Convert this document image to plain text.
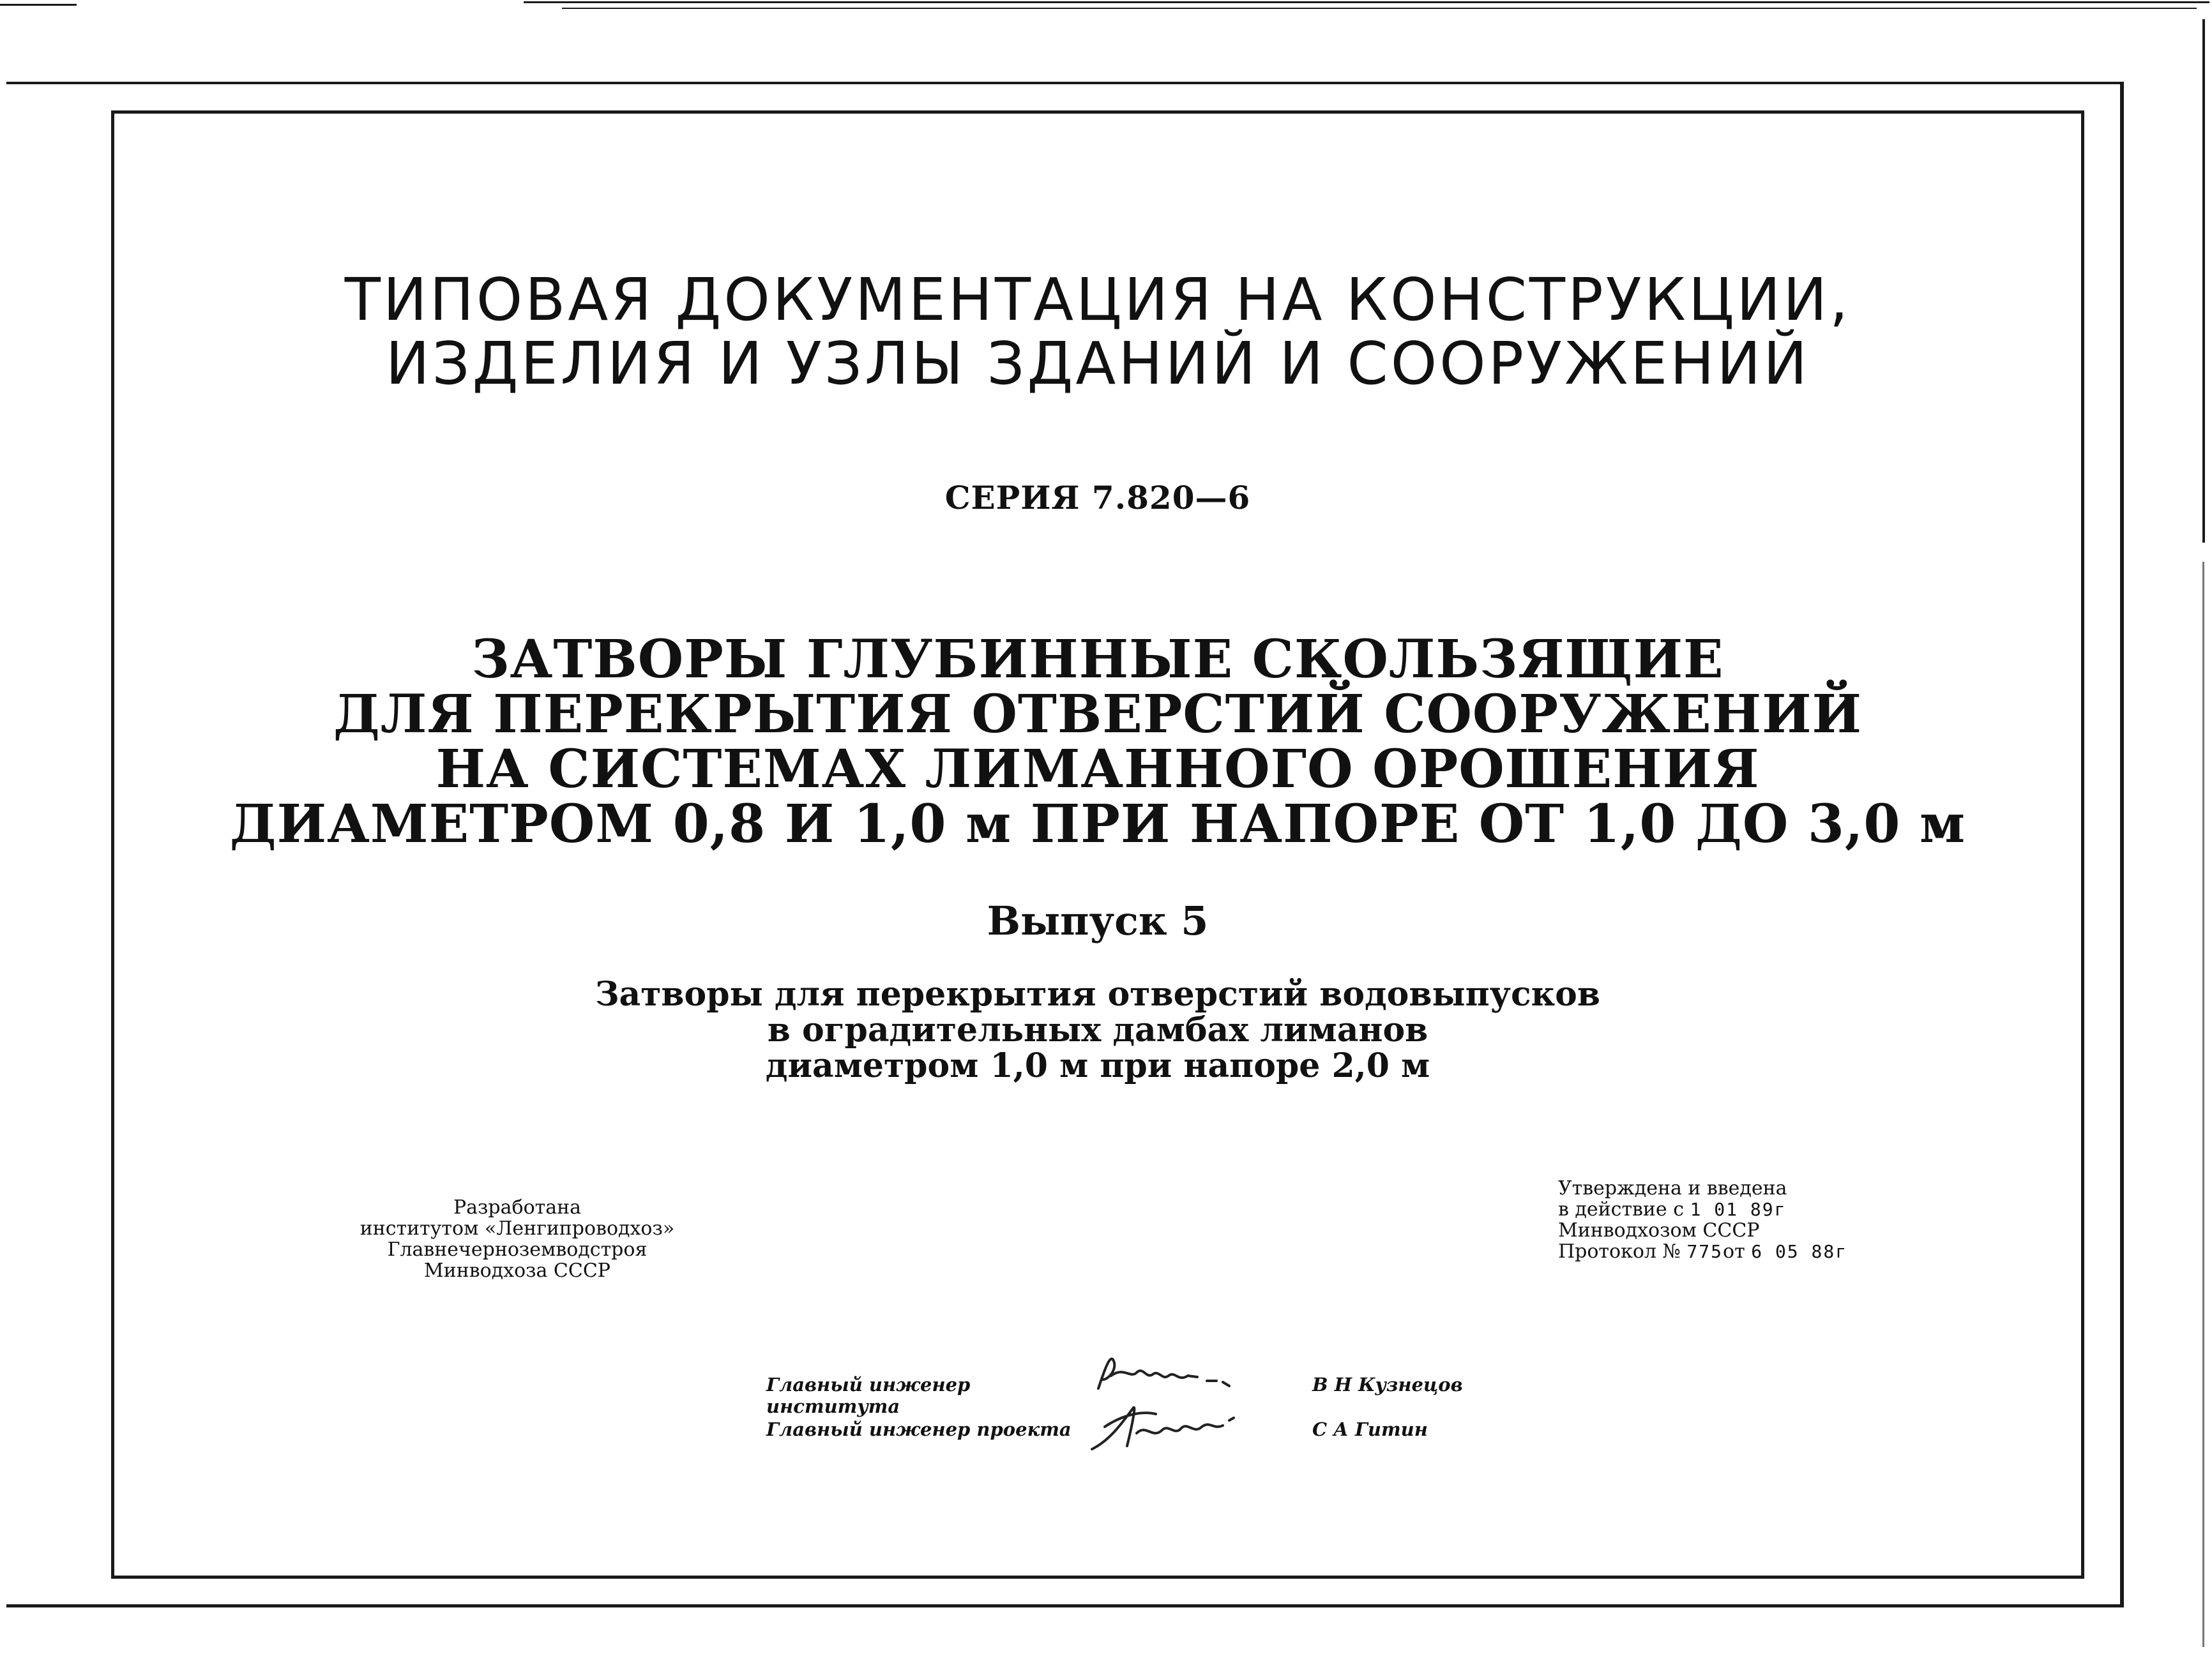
ТИПОВАЯ ДОКУМЕНТАЦИЯ НА КОНСТРУКЦИИ,
ИЗДЕЛИЯ И УЗЛЫ ЗДАНИЙ И СООРУЖЕНИЙ
СЕРИЯ 7.820—6
ЗАТВОРЫ ГЛУБИННЫЕ СКОЛЬЗЯЩИЕ
ДЛЯ ПЕРЕКРЫТИЯ ОТВЕРСТИЙ СООРУЖЕНИЙ
НА СИСТЕМАХ ЛИМАННОГО ОРОШЕНИЯ
ДИАМЕТРОМ 0,8 И 1,0 м ПРИ НАПОРЕ ОТ 1,0 ДО 3,0 м
Выпуск 5
Затворы для перекрытия отверстий водовыпусков
в оградительных дамбах лиманов
диаметром 1,0 м при напоре 2,0 м
Разработана
институтом «Ленгипроводхоз»
Главнечерноземводстроя
Минводхоза СССР
Утверждена и введена
в действие с 1 01 89г
Минводхозом СССР
Протокол № 775от 6 05 88г
Главный инженер института
В Н Кузнецов
Главный инженер проекта	С А Гитин
